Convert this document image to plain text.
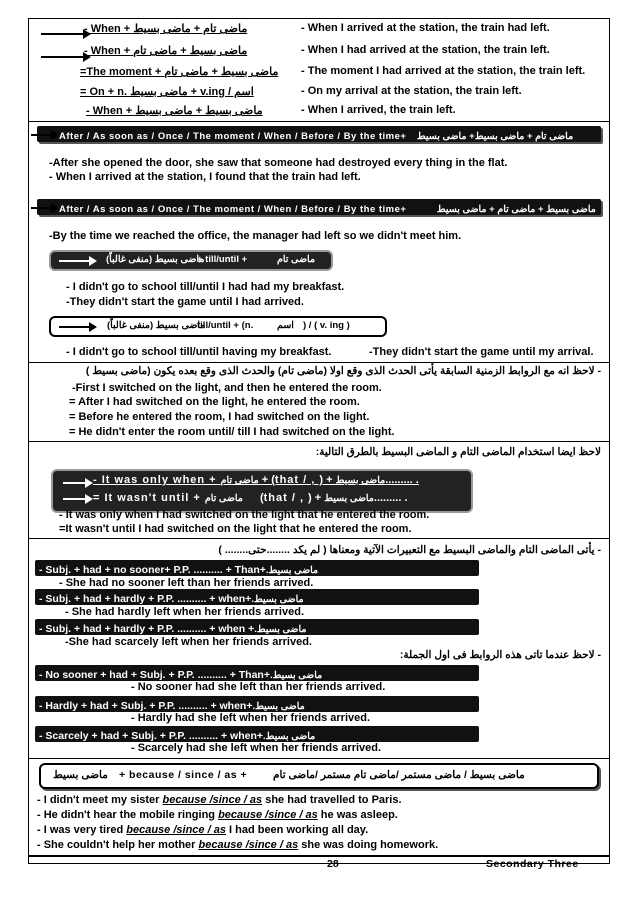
- When + ماضى تام + ماضى بسيط	- When I arrived at the station, the train had left.
- When + ماضى بسيط + ماضى تام	- When I had arrived at the station, the train left.
=The moment + ماضى بسيط + ماضى تام - The moment I had arrived at the station, the train left.
= On + n. اسم / v.ing + ماضى بسيط	- On my arrival at the station, the train left.
- When + ماضى بسيط + ماضى بسيط	- When I arrived, the train left.
After / As soon as / Once / The moment / When / Before / By the time+ ماضى تام + ماضى بسيط+ ماضى بسيط
-After she opened the door, she saw that someone had destroyed every thing in the flat.
- When I arrived at the station, I found that the train had left.
After / As soon as / Once / The moment / When / Before / By the time+	ماضى بسيط + ماضى تام + ماضى بسيط
-By the time we reached the office, the manager had left so we didn't meet him.
ماضى بسيط (منفى غالباً)
+ till/until +	ماضى تام
- I didn't go to school till/until I had had my breakfast.
-They didn't start the game until I had arrived.
ماضى بسيط (منفى غالباً)
till/until + (n.	اسم ) / ( v. ing )
- I didn't go to school till/until having my breakfast.	-They didn't start the game until my arrival.
- لاحظ انه مع الروابط الزمنية السابقة يأتى الحدث الذى وقع اولا (ماضى تام) والحدث الذى وقع بعده يكون (ماضى بسيط )
-First I switched on the light, and then he entered the room.
= After I had switched on the light, he entered the room.
= Before he entered the room, I had switched on the light.
= He didn't enter the room until/ till I had switched on the light.
لاحظ ايضا استخدام الماضى التام و الماضى البسيط بالطرق التالية:
- It was only when + ماضى تام + (that / , ) + ماضى بسيط......... .
= It wasn't until + ماضى تام (that / , ) + ماضى بسيط......... .
- It was only when I had switched on the light that he entered the room.
=It wasn't until I had switched on the light that he entered the room.
- يأتى الماضى التام والماضى البسيط مع التعبيرات الآتية ومعناها ( لم يكد ........حتى........ )
- Subj. + had + no sooner+ P.P. .......... + Than+ماضى بسيط.
- She had no sooner left than her friends arrived.
- Subj. + had + hardly + P.P. .......... + when+ماضى بسيط.
- She had hardly left when her friends arrived.
- Subj. + had + hardly + P.P. .......... + when +ماضى بسيط.
-She had scarcely left when her friends arrived.
- لاحظ عندما تاتى هذه الروابط فى اول الجملة:
- No sooner + had + Subj. + P.P. .......... + Than+ماضى بسيط.
- No sooner had she left than her friends arrived.
- Hardly + had + Subj. + P.P. .......... + when+ماضى بسيط.
- Hardly had she left when her friends arrived.
- Scarcely + had + Subj. + P.P. .......... + when+ماضى بسيط.
- Scarcely had she left when her friends arrived.
ماضى بسيط + because / since / as + ماضى بسيط / ماضى مستمر /ماضى تام مستمر /ماضى تام
- I didn't meet my sister because /since / as she had travelled to Paris.
- He didn't hear the mobile ringing because /since / as he was asleep.
- I was very tired because /since / as I had been working all day.
- She couldn't help her mother because /since / as she was doing homework.
28	Secondary Three
